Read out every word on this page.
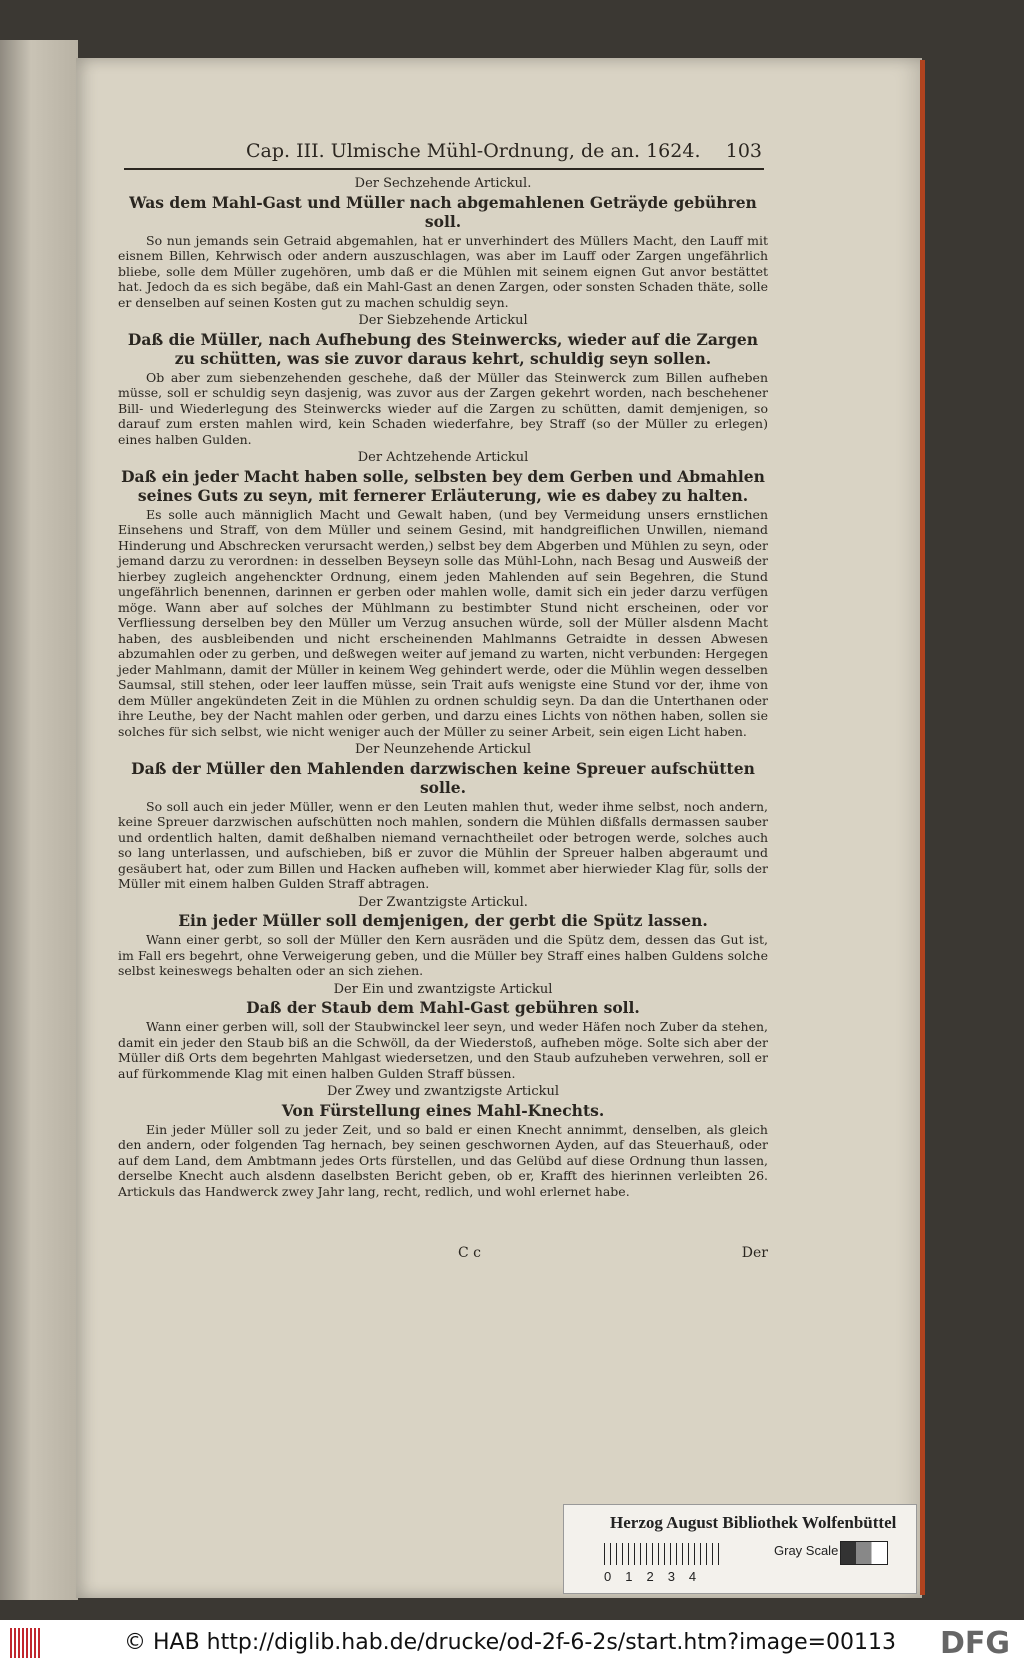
Cap. III. Ulmische Mühl-Ordnung, de an. 1624. 103
Der Sechzehende Artickul.
Was dem Mahl-Gast und Müller nach abgemahlenen Geträyde gebühren soll.

So nun jemands sein Getraid abgemahlen, hat er unverhindert des Müllers Macht, den Lauff mit eisnem Billen, Kehrwisch oder andern auszuschlagen, was aber im Lauff oder Zargen ungefährlich bliebe, solle dem Müller zugehören, umb daß er die Mühlen mit seinem eignen Gut anvor bestättet hat. Jedoch da es sich begäbe, daß ein Mahl-Gast an denen Zargen, oder sonsten Schaden thäte, solle er denselben auf seinen Kosten gut zu machen schuldig seyn.

Der Siebzehende Artickul
Daß die Müller, nach Aufhebung des Steinwercks, wieder auf die Zargen zu schütten, was sie zuvor daraus kehrt, schuldig seyn sollen.

Ob aber zum siebenzehenden geschehe, daß der Müller das Steinwerck zum Billen aufheben müsse, soll er schuldig seyn dasjenig, was zuvor aus der Zargen gekehrt worden, nach beschehener Bill- und Wiederlegung des Steinwercks wieder auf die Zargen zu schütten, damit demjenigen, so darauf zum ersten mahlen wird, kein Schaden wiederfahre, bey Straff (so der Müller zu erlegen) eines halben Gulden.

Der Achtzehende Artickul
Daß ein jeder Macht haben solle, selbsten bey dem Gerben und Abmahlen seines Guts zu seyn, mit fernerer Erläuterung, wie es dabey zu halten.

Es solle auch männiglich Macht und Gewalt haben, (und bey Vermeidung unsers ernstlichen Einsehens und Straff, von dem Müller und seinem Gesind, mit handgreiflichen Unwillen, niemand Hinderung und Abschrecken verursacht werden,) selbst bey dem Abgerben und Mühlen zu seyn, oder jemand darzu zu verordnen: in desselben Beyseyn solle das Mühl-Lohn, nach Besag und Ausweiß der hierbey zugleich angehenckter Ordnung, einem jeden Mahlenden auf sein Begehren, die Stund ungefährlich benennen, darinnen er gerben oder mahlen wolle, damit sich ein jeder darzu verfügen möge. Wann aber auf solches der Mühlmann zu bestimbter Stund nicht erscheinen, oder vor Verfliessung derselben bey den Müller um Verzug ansuchen würde, soll der Müller alsdenn Macht haben, des ausbleibenden und nicht erscheinenden Mahlmanns Getraidte in dessen Abwesen abzumahlen oder zu gerben, und deßwegen weiter auf jemand zu warten, nicht verbunden: Hergegen jeder Mahlmann, damit der Müller in keinem Weg gehindert werde, oder die Mühlin wegen desselben Saumsal, still stehen, oder leer lauffen müsse, sein Trait aufs wenigste eine Stund vor der, ihme von dem Müller angekündeten Zeit in die Mühlen zu ordnen schuldig seyn. Da dan die Unterthanen oder ihre Leuthe, bey der Nacht mahlen oder gerben, und darzu eines Lichts von nöthen haben, sollen sie solches für sich selbst, wie nicht weniger auch der Müller zu seiner Arbeit, sein eigen Licht haben.

Der Neunzehende Artickul
Daß der Müller den Mahlenden darzwischen keine Spreuer aufschütten solle.

So soll auch ein jeder Müller, wenn er den Leuten mahlen thut, weder ihme selbst, noch andern, keine Spreuer darzwischen aufschütten noch mahlen, sondern die Mühlen dißfalls dermassen sauber und ordentlich halten, damit deßhalben niemand vernachtheilet oder betrogen werde, solches auch so lang unterlassen, und aufschieben, biß er zuvor die Mühlin der Spreuer halben abgeraumt und gesäubert hat, oder zum Billen und Hacken aufheben will, kommet aber hierwieder Klag für, solls der Müller mit einem halben Gulden Straff abtragen.

Der Zwantzigste Artickul.
Ein jeder Müller soll demjenigen, der gerbt die Spütz lassen.

Wann einer gerbt, so soll der Müller den Kern ausräden und die Spütz dem, dessen das Gut ist, im Fall ers begehrt, ohne Verweigerung geben, und die Müller bey Straff eines halben Guldens solche selbst keineswegs behalten oder an sich ziehen.

Der Ein und zwantzigste Artickul
Daß der Staub dem Mahl-Gast gebühren soll.

Wann einer gerben will, soll der Staubwinckel leer seyn, und weder Häfen noch Zuber da stehen, damit ein jeder den Staub biß an die Schwöll, da der Wiederstoß, aufheben möge. Solte sich aber der Müller diß Orts dem begehrten Mahlgast wiedersetzen, und den Staub aufzuheben verwehren, soll er auf fürkommende Klag mit einen halben Gulden Straff büssen.

Der Zwey und zwantzigste Artickul
Von Fürstellung eines Mahl-Knechts.

Ein jeder Müller soll zu jeder Zeit, und so bald er einen Knecht annimmt, denselben, als gleich den andern, oder folgenden Tag hernach, bey seinen geschwornen Ayden, auf das Steuerhauß, oder auf dem Land, dem Ambtmann jedes Orts fürstellen, und das Gelübd auf diese Ordnung thun lassen, derselbe Knecht auch alsdenn daselbsten Bericht geben, ob er, Krafft des hierinnen verleibten 26. Artickuls das Handwerck zwey Jahr lang, recht, redlich, und wohl erlernet habe.

C c	Der
Herzog August Bibliothek Wolfenbüttel
01234
Gray Scale
© HAB http://diglib.hab.de/drucke/od-2f-6-2s/start.htm?image=00113 DFG
